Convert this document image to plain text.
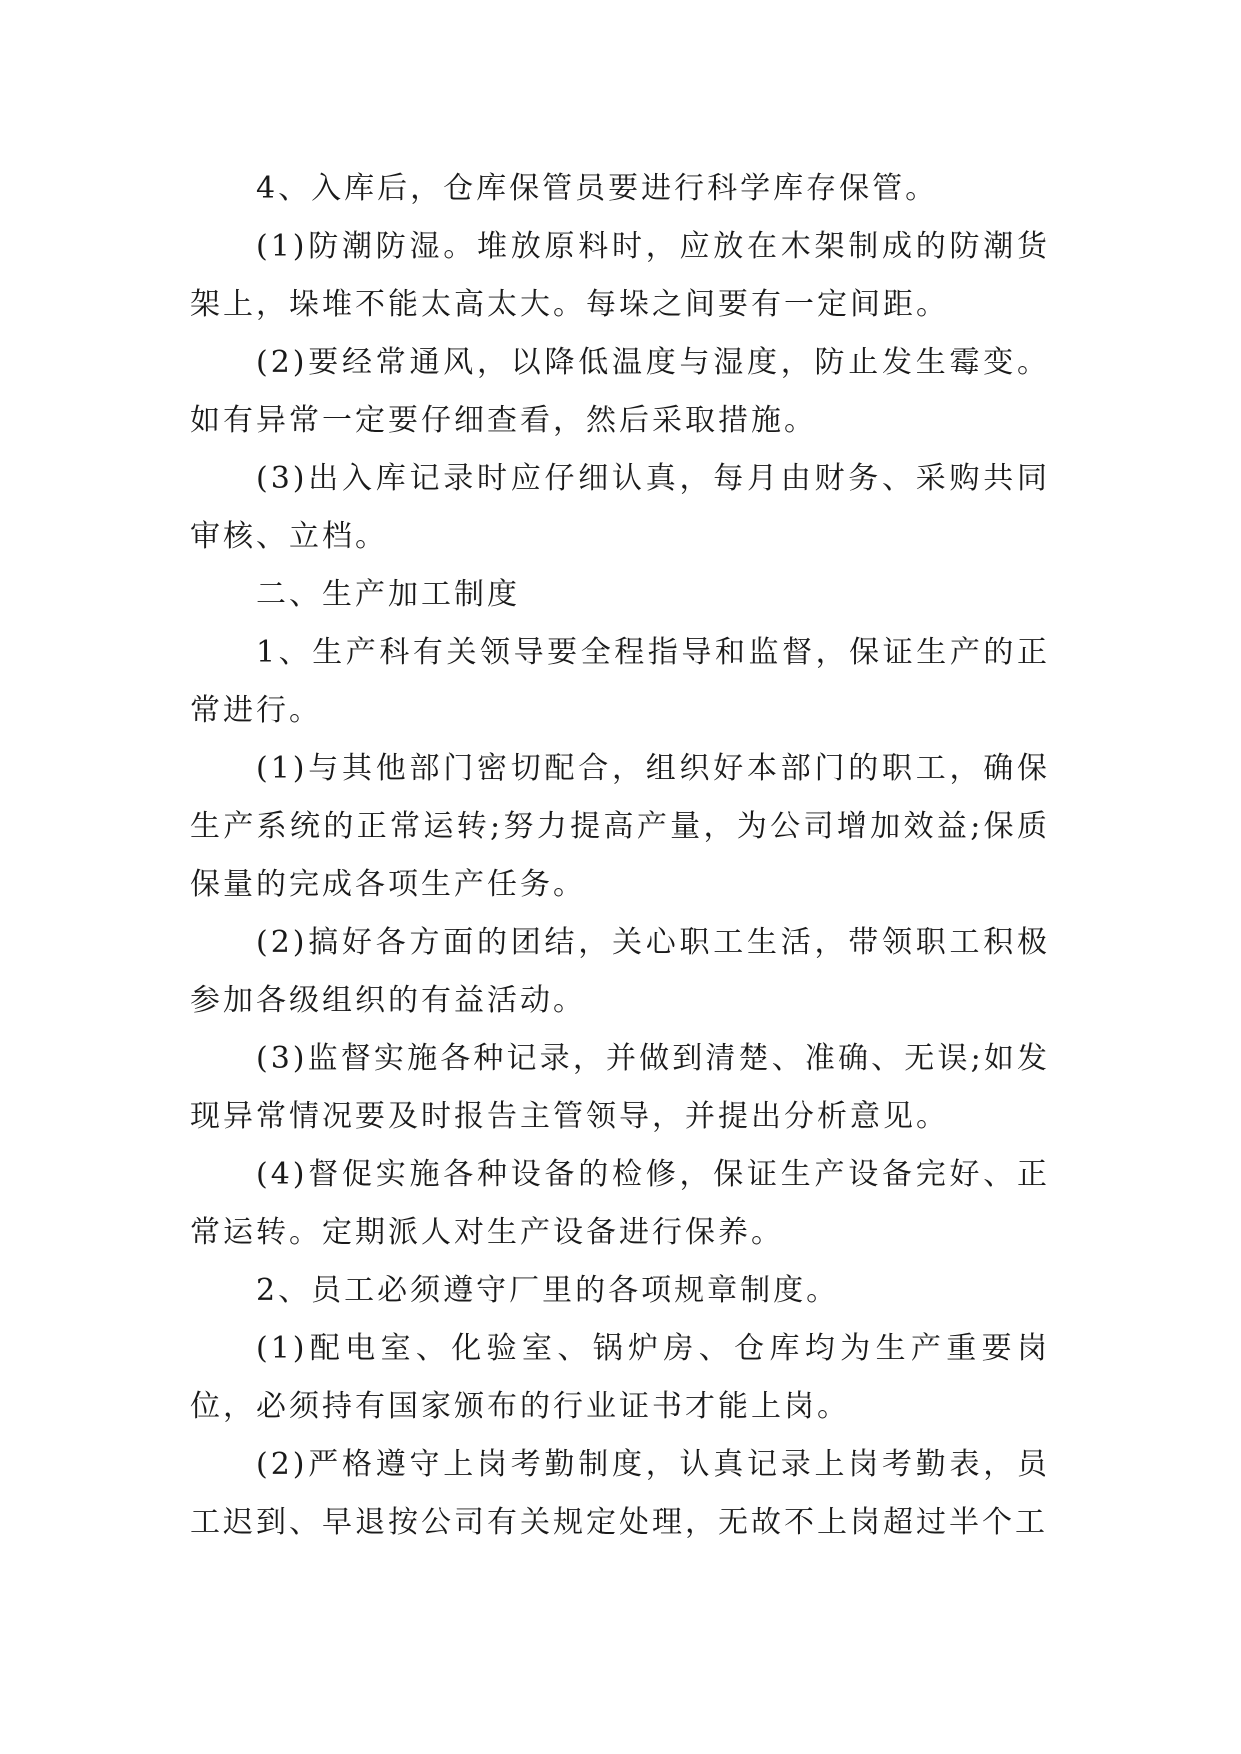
4、入库后，仓库保管员要进行科学库存保管。

(1)防潮防湿。堆放原料时，应放在木架制成的防潮货架上，垛堆不能太高太大。每垛之间要有一定间距。

(2)要经常通风，以降低温度与湿度，防止发生霉变。如有异常一定要仔细查看，然后采取措施。

(3)出入库记录时应仔细认真，每月由财务、采购共同审核、立档。

二、生产加工制度

1、生产科有关领导要全程指导和监督，保证生产的正常进行。

(1)与其他部门密切配合，组织好本部门的职工，确保生产系统的正常运转;努力提高产量，为公司增加效益;保质保量的完成各项生产任务。

(2)搞好各方面的团结，关心职工生活，带领职工积极参加各级组织的有益活动。

(3)监督实施各种记录，并做到清楚、准确、无误;如发现异常情况要及时报告主管领导，并提出分析意见。

(4)督促实施各种设备的检修，保证生产设备完好、正常运转。定期派人对生产设备进行保养。

2、员工必须遵守厂里的各项规章制度。

(1)配电室、化验室、锅炉房、仓库均为生产重要岗位，必须持有国家颁布的行业证书才能上岗。

(2)严格遵守上岗考勤制度，认真记录上岗考勤表，员工迟到、早退按公司有关规定处理，无故不上岗超过半个工
